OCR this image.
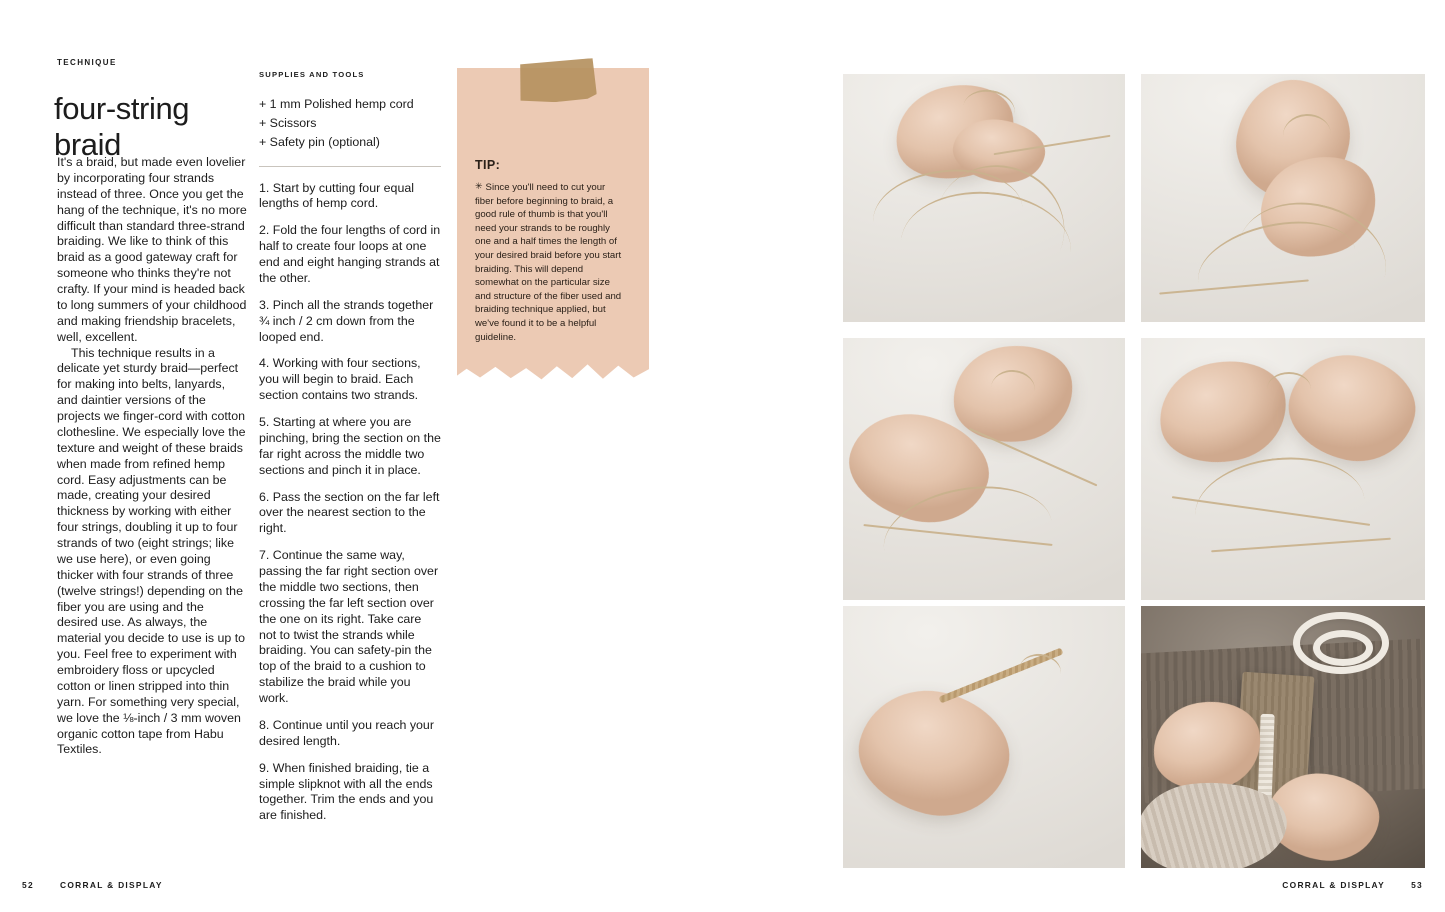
TECHNIQUE
four-string braid

It's a braid, but made even lovelier by incorporating four strands instead of three. Once you get the hang of the technique, it's no more difficult than standard three-strand braiding. We like to think of this braid as a good gateway craft for someone who thinks they're not crafty. If your mind is headed back to long summers of your childhood and making friendship bracelets, well, excellent.

This technique results in a delicate yet sturdy braid—perfect for making into belts, lanyards, and daintier versions of the projects we finger-cord with cotton clothesline. We especially love the texture and weight of these braids when made from refined hemp cord. Easy adjustments can be made, creating your desired thickness by working with either four strings, doubling it up to four strands of two (eight strings; like we use here), or even going thicker with four strands of three (twelve strings!) depending on the fiber you are using and the desired use. As always, the material you decide to use is up to you. Feel free to experiment with embroidery floss or upcycled cotton or linen stripped into thin yarn. For something very special, we love the ⅛-inch / 3 mm woven organic cotton tape from Habu Textiles.

SUPPLIES AND TOOLS
+ 1 mm Polished hemp cord
+ Scissors
+ Safety pin (optional)
1. Start by cutting four equal lengths of hemp cord.
2. Fold the four lengths of cord in half to create four loops at one end and eight hanging strands at the other.
3. Pinch all the strands together ¾ inch / 2 cm down from the looped end.
4. Working with four sections, you will begin to braid. Each section contains two strands.
5. Starting at where you are pinching, bring the section on the far right across the middle two sections and pinch it in place.
6. Pass the section on the far left over the nearest section to the right.
7. Continue the same way, passing the far right section over the middle two sections, then crossing the far left section over the one on its right. Take care not to twist the strands while braiding. You can safety-pin the top of the braid to a cushion to stabilize the braid while you work.
8. Continue until you reach your desired length.
9. When finished braiding, tie a simple slipknot with all the ends together. Trim the ends and you are finished.
TIP:
✳ Since you'll need to cut your fiber before beginning to braid, a good rule of thumb is that you'll need your strands to be roughly one and a half times the length of your desired braid before you start braiding. This will depend somewhat on the particular size and structure of the fiber used and braiding technique applied, but we've found it to be a helpful guideline.
52	CORRAL & DISPLAY	CORRAL & DISPLAY	53
